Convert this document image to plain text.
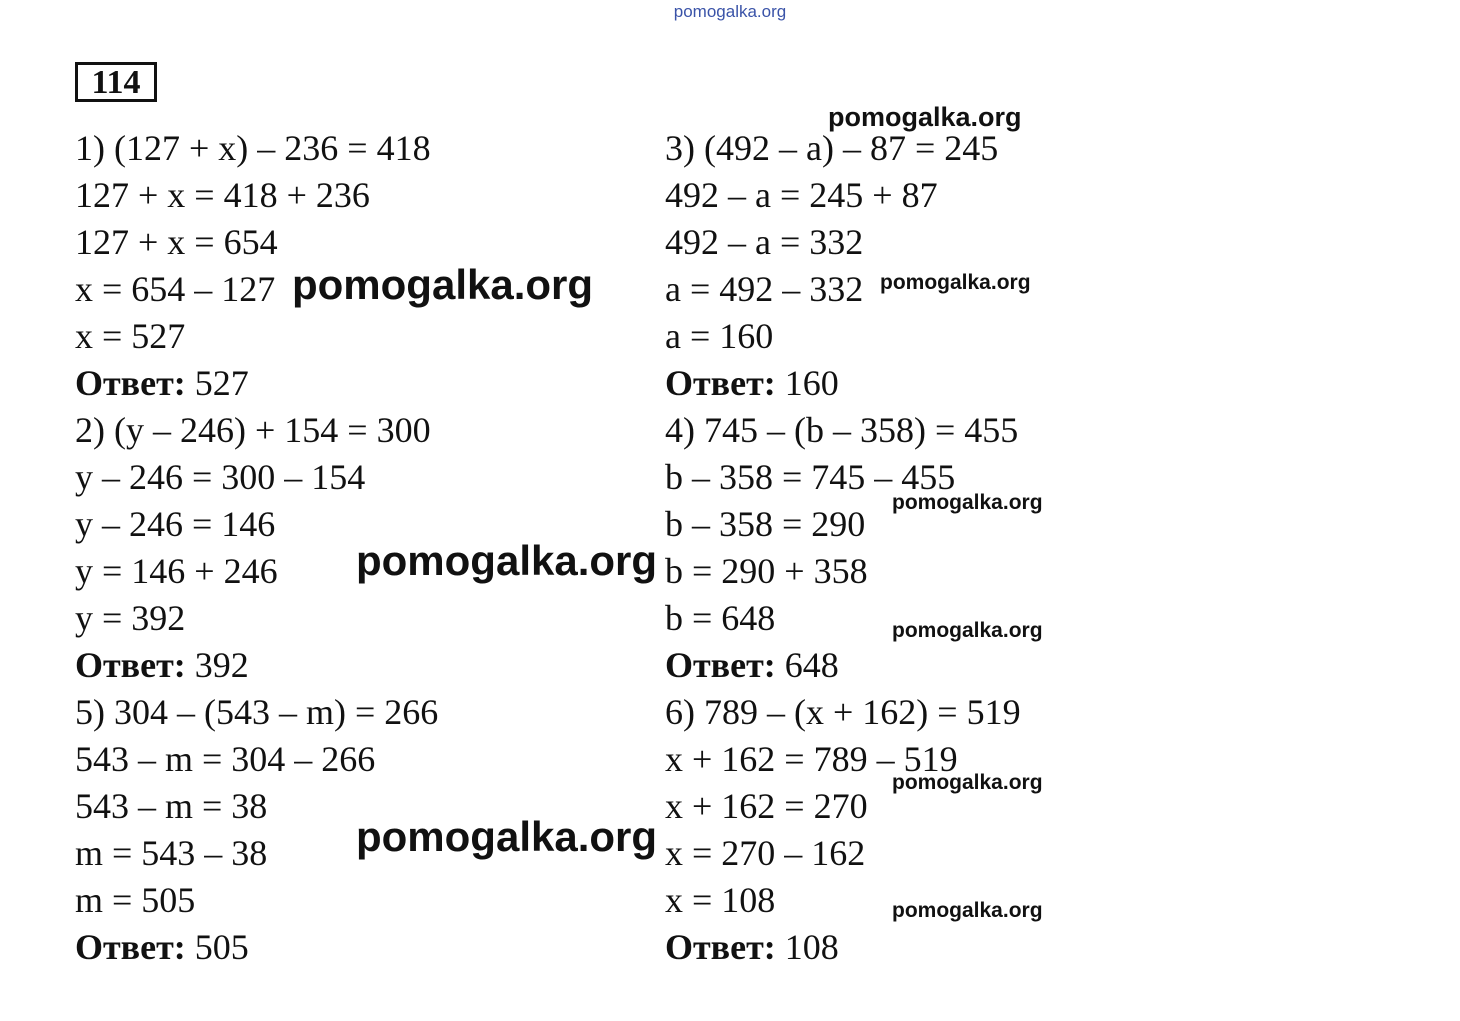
pomogalka.org
114
1) (127 + x) – 236 = 418
127 + x = 418 + 236
127 + x = 654
x = 654 – 127
x = 527
Ответ: 527
2) (y – 246) + 154 = 300
y – 246 = 300 – 154
y – 246 = 146
y = 146 + 246
y = 392
Ответ: 392
5) 304 – (543 – m) = 266
543 – m = 304 – 266
543 – m = 38
m = 543 – 38
m = 505
Ответ: 505
3) (492 – a) – 87 = 245
492 – a = 245 + 87
492 – a = 332
a = 492 – 332
a = 160
Ответ: 160
4) 745 – (b – 358) = 455
b – 358 = 745 – 455
b – 358 = 290
b = 290 + 358
b = 648
Ответ: 648
6) 789 – (x + 162) = 519
x + 162 = 789 – 519
x + 162 = 270
x = 270 – 162
x = 108
Ответ: 108
pomogalka.org
pomogalka.org	pomogalka.org
pomogalka.org
pomogalka.org
pomogalka.org
pomogalka.org
pomogalka.org
pomogalka.org
